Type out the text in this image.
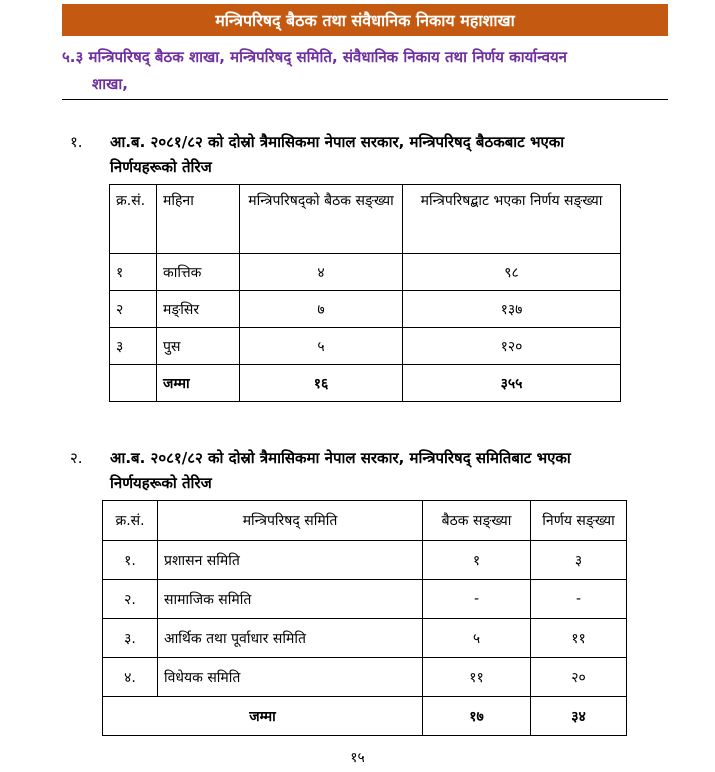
मन्त्रिपरिषद् बैठक तथा संवैधानिक निकाय महाशाखा
५.३ मन्त्रिपरिषद् बैठक शाखा, मन्त्रिपरिषद् समिति, संवैधानिक निकाय तथा निर्णय कार्यान्वयन
शाखा,
१.	आ.ब. २०८१/८२ को दोस्रो त्रैमासिकमा नेपाल सरकार, मन्त्रिपरिषद् बैठकबाट भएका
निर्णयहरूको तेरिज
क्र.सं.	महिना	मन्त्रिपरिषद्को बैठक सङ्ख्या	मन्त्रिपरिषद्बाट भएका निर्णय सङ्ख्या
१	कात्तिक	४	९८
२	मङ्सिर	७	१३७
३	पुस	५	१२०
	जम्मा	१६	३५५
२.	आ.ब. २०८१/८२ को दोस्रो त्रैमासिकमा नेपाल सरकार, मन्त्रिपरिषद् समितिबाट भएका
निर्णयहरूको तेरिज
क्र.सं.	मन्त्रिपरिषद् समिति	बैठक सङ्ख्या	निर्णय सङ्ख्या
१.	प्रशासन समिति	१	३
२.	सामाजिक समिति	-	-
३.	आर्थिक तथा पूर्वाधार समिति	५	११
४.	विधेयक समिति	११	२०
जम्मा		१७	३४
१५
